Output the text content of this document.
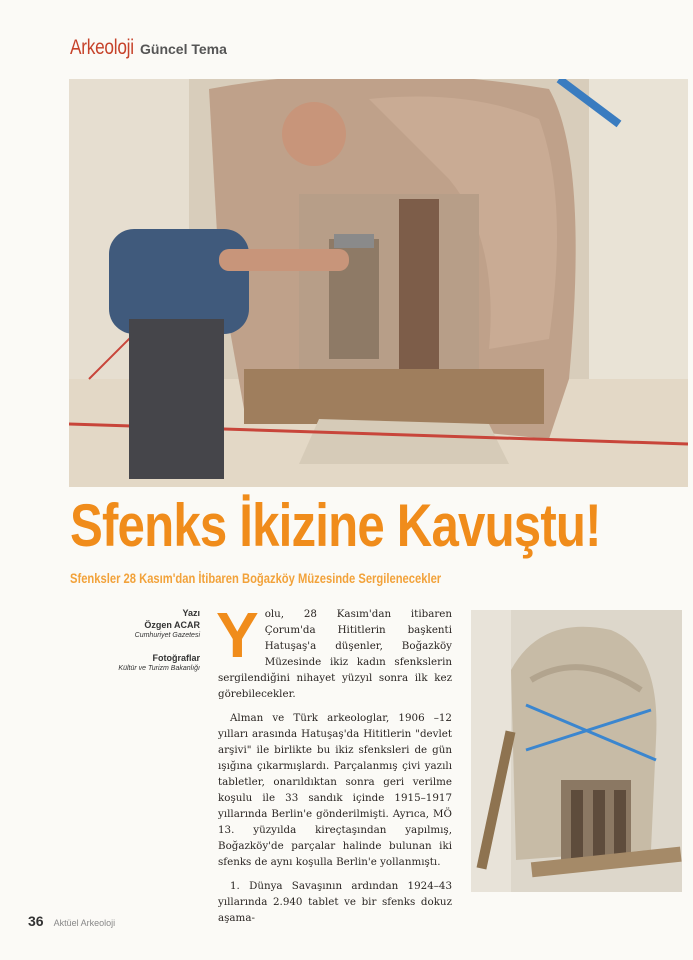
Arkeoloji Güncel Tema
Sfenks İkizine Kavuştu!
Sfenksler 28 Kasım'dan İtibaren Boğazköy Müzesinde Sergilenecekler
Yazı
Özgen ACAR
Cumhuriyet Gazetesi
Fotoğraflar
Kültür ve Turizm Bakanlığı Y olu, 28 Kasım'dan itibaren Çorum'da Hititlerin başkenti Hatuşaş'a düşenler, Boğazköy Müzesinde ikiz kadın sfenkslerin sergilendiğini nihayet yüzyıl sonra ilk kez görebilecekler.

Alman ve Türk arkeologlar, 1906 –12 yılları arasında Hatuşaş'da Hititlerin "devlet arşivi" ile birlikte bu ikiz sfenksleri de gün ışığına çıkarmışlardı. Parçalanmış çivi yazılı tabletler, onarıldıktan sonra geri verilme koşulu ile 33 sandık içinde 1915–1917 yıllarında Berlin'e gönderilmişti. Ayrıca, MÖ 13. yüzyılda kireçtaşından yapılmış, Boğazköy'de parçalar halinde bulunan iki sfenks de aynı koşulla Berlin'e yollanmıştı.

1. Dünya Savaşının ardından 1924–43 yıllarında 2.940 tablet ve bir sfenks dokuz aşama-

36 Aktüel Arkeoloji
